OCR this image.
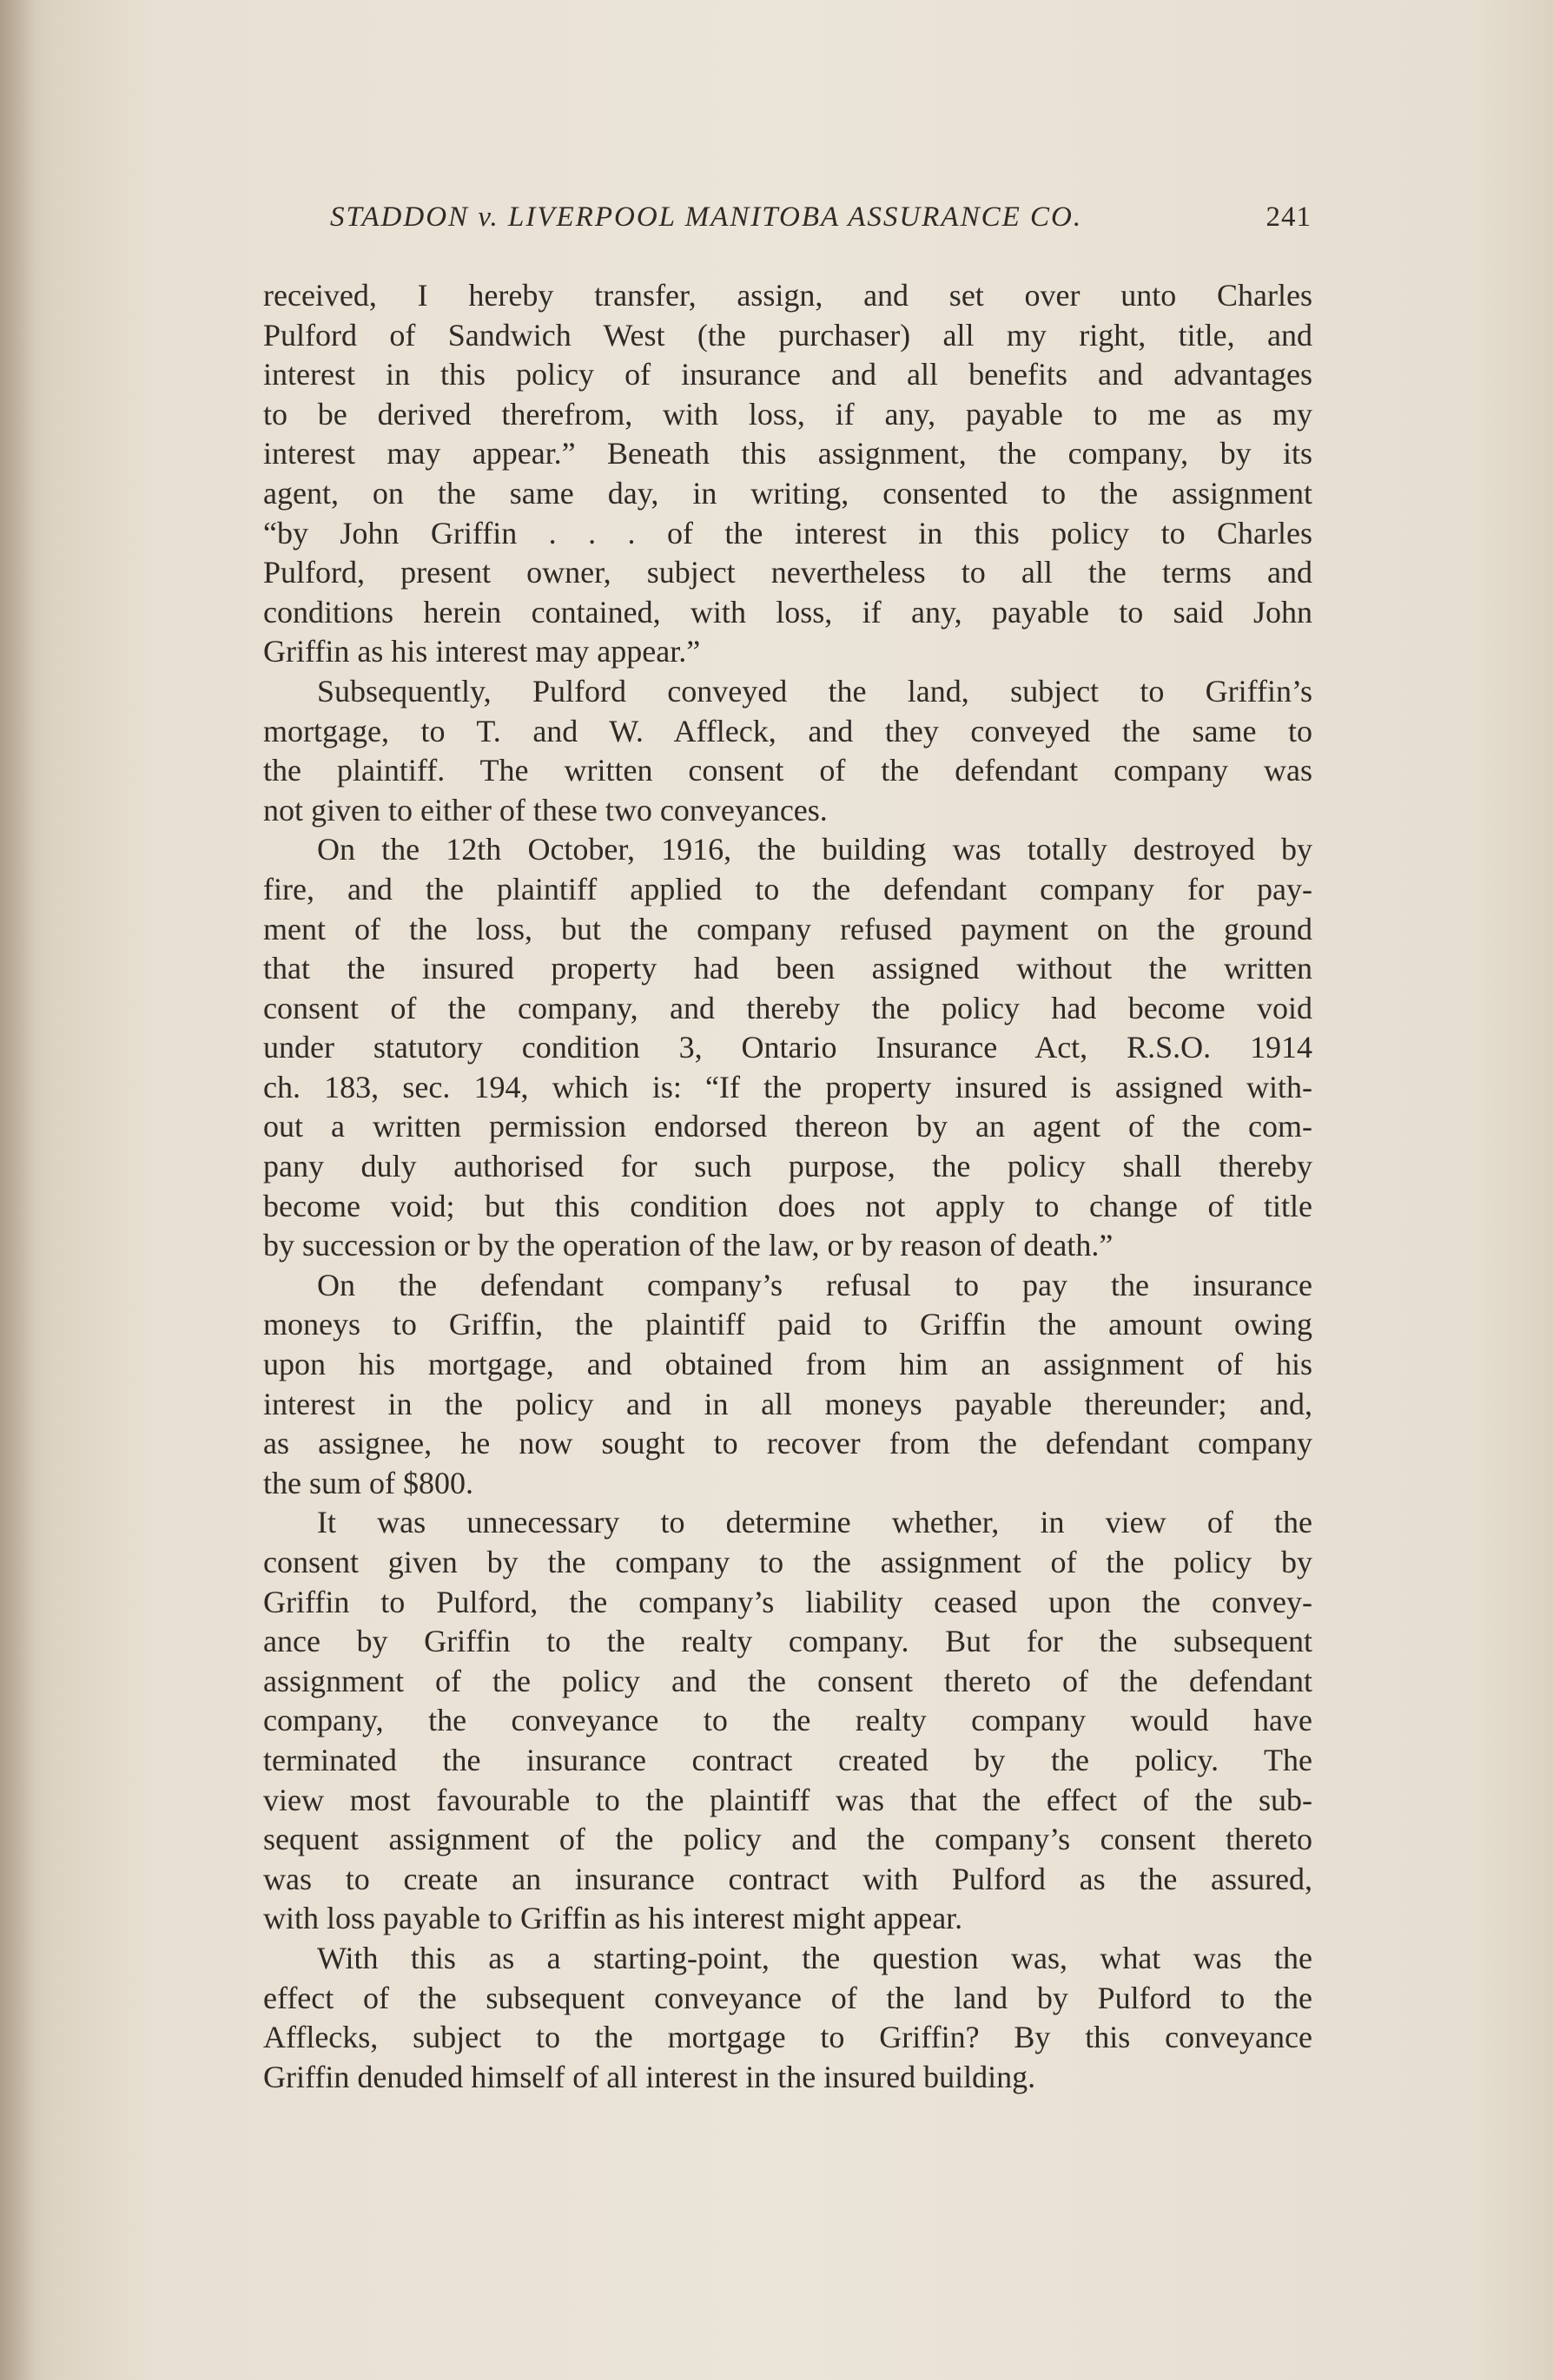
STADDON v. LIVERPOOL MANITOBA ASSURANCE CO.	241
received, I hereby transfer, assign, and set over unto Charles
Pulford of Sandwich West (the purchaser) all my right, title, and
interest in this policy of insurance and all benefits and advantages
to be derived therefrom, with loss, if any, payable to me as my
interest may appear.” Beneath this assignment, the company, by its
agent, on the same day, in writing, consented to the assignment
“by John Griffin . . . of the interest in this policy to Charles
Pulford, present owner, subject nevertheless to all the terms and
conditions herein contained, with loss, if any, payable to said John
Griffin as his interest may appear.”
Subsequently, Pulford conveyed the land, subject to Griffin’s
mortgage, to T. and W. Affleck, and they conveyed the same to
the plaintiff. The written consent of the defendant company was
not given to either of these two conveyances.
On the 12th October, 1916, the building was totally destroyed by
fire, and the plaintiff applied to the defendant company for pay-
ment of the loss, but the company refused payment on the ground
that the insured property had been assigned without the written
consent of the company, and thereby the policy had become void
under statutory condition 3, Ontario Insurance Act, R.S.O. 1914
ch. 183, sec. 194, which is: “If the property insured is assigned with-
out a written permission endorsed thereon by an agent of the com-
pany duly authorised for such purpose, the policy shall thereby
become void; but this condition does not apply to change of title
by succession or by the operation of the law, or by reason of death.”
On the defendant company’s refusal to pay the insurance
moneys to Griffin, the plaintiff paid to Griffin the amount owing
upon his mortgage, and obtained from him an assignment of his
interest in the policy and in all moneys payable thereunder; and,
as assignee, he now sought to recover from the defendant company
the sum of $800.
It was unnecessary to determine whether, in view of the
consent given by the company to the assignment of the policy by
Griffin to Pulford, the company’s liability ceased upon the convey-
ance by Griffin to the realty company. But for the subsequent
assignment of the policy and the consent thereto of the defendant
company, the conveyance to the realty company would have
terminated the insurance contract created by the policy. The
view most favourable to the plaintiff was that the effect of the sub-
sequent assignment of the policy and the company’s consent thereto
was to create an insurance contract with Pulford as the assured,
with loss payable to Griffin as his interest might appear.
With this as a starting-point, the question was, what was the
effect of the subsequent conveyance of the land by Pulford to the
Afflecks, subject to the mortgage to Griffin? By this conveyance
Griffin denuded himself of all interest in the insured building.
